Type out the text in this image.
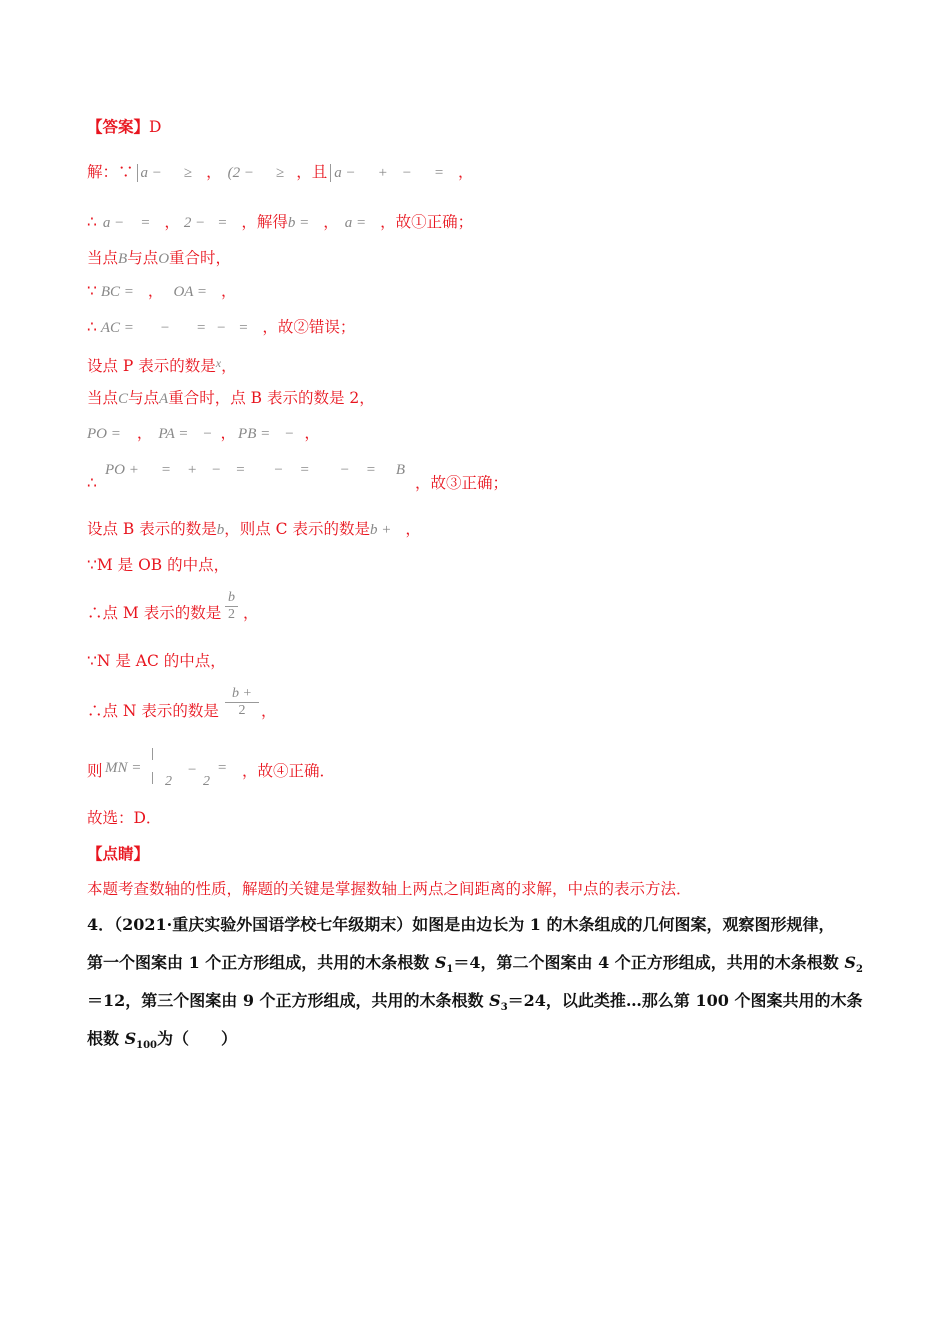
【答案】D
解：∵ a − ≥ ， (2 − ≥ ，且 a − + − = ，
∴ a − = ， 2 − = ，解得b = ， a = ，故①正确；
当点B与点O重合时，
∵ BC = ， OA = ，
∴ AC = − = − = ，故②错误；
设点 P 表示的数是$^x$，
当点C与点A重合时，点 B 表示的数是 2，
PO = ， PA = − ， PB = − ，
∴
PO + = + − = − = − = B
，故③正确；
设点 B 表示的数是b，则点 C 表示的数是b + ，
∵M 是 OB 的中点，
∴点 M 表示的数是
b
2 ，
∵N 是 AC 的中点，
∴点 N 表示的数是
b +
2	，
则 MN =
2
−
2
= ，故④正确．
故选：D．
【点睛】
本题考查数轴的性质，解题的关键是掌握数轴上两点之间距离的求解，中点的表示方法．
4．（2021·重庆实验外国语学校七年级期末）如图是由边长为 1 的木条组成的几何图案，观察图形规律，
第一个图案由 1 个正方形组成，共用的木条根数 $S_1=4$，第二个图案由 4 个正方形组成，共用的木条根数 $S_2$
＝12，第三个图案由 9 个正方形组成，共用的木条根数 $S_3=24$，以此类推…那么第 100 个图案共用的木条
根数 $S_{100}$为（　　）
